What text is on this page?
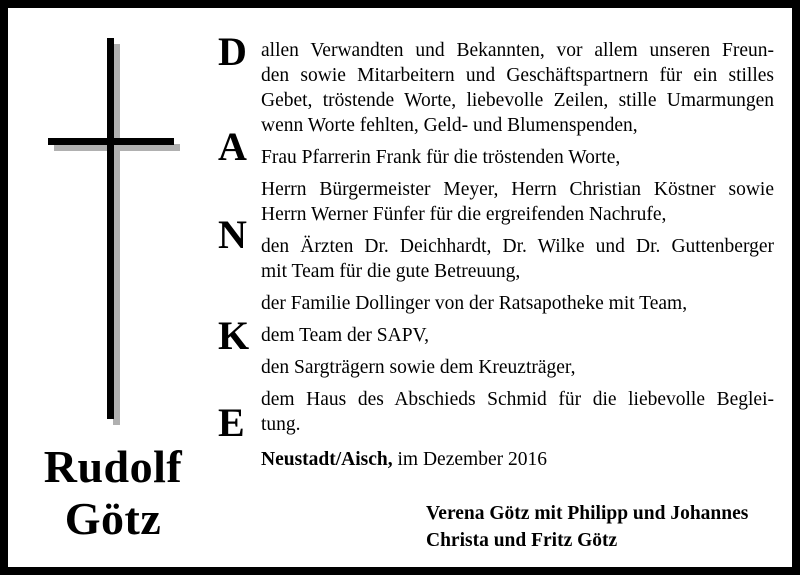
Rudolf
Götz
D
A
N
K
E
allen Verwandten und Bekannten, vor allem unseren Freun-
den sowie Mitarbeitern und Geschäftspartnern für ein stilles
Gebet, tröstende Worte, liebevolle Zeilen, stille Umarmungen
wenn Worte fehlten, Geld- und Blumenspenden,
Frau Pfarrerin Frank für die tröstenden Worte,
Herrn Bürgermeister Meyer, Herrn Christian Köstner sowie
Herrn Werner Fünfer für die ergreifenden Nachrufe,
den Ärzten Dr. Deichhardt, Dr. Wilke und Dr. Guttenberger
mit Team für die gute Betreuung,
der Familie Dollinger von der Ratsapotheke mit Team,
dem Team der SAPV,
den Sargträgern sowie dem Kreuzträger,
dem Haus des Abschieds Schmid für die liebevolle Beglei-
tung.
Neustadt/Aisch, im Dezember 2016
Verena Götz mit Philipp und Johannes
Christa und Fritz Götz
